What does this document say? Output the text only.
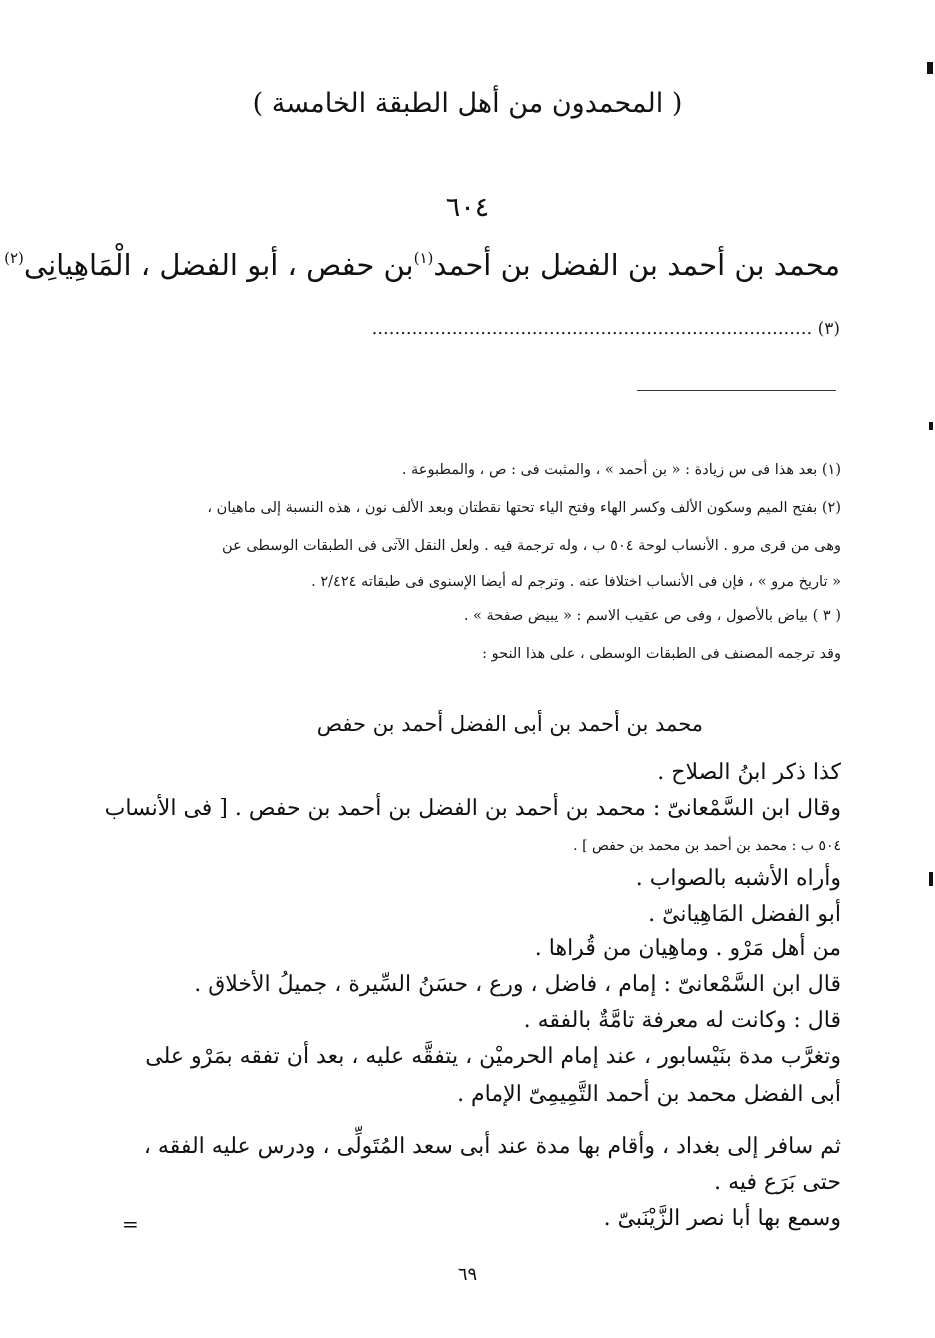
( المحمدون من أهل الطبقة الخامسة )
٦٠٤
محمد بن أحمد بن الفضل بن أحمد$^{(١)}$بن حفص ، أبو الفضل ، الْمَاهِيانِى$^{(٢)}$
(٣) .............................................................................
(١) بعد هذا فى س زيادة : « بن أحمد » ، والمثبت فى : ص ، والمطبوعة .
(٢) بفتح الميم وسكون الألف وكسر الهاء وفتح الياء تحتها نقطتان وبعد الألف نون ، هذه النسبة إلى ماهيان ،
وهى من قرى مرو . الأنساب لوحة ٥٠٤ ب ، وله ترجمة فيه . ولعل النقل الآتى فى الطبقات الوسطى عن
« تاريخ مرو » ، فإن فى الأنساب اختلافا عنه . وترجم له أيضا الإسنوى فى طبقاته ٢/٤٢٤ .
( ٣ ) بياض بالأصول ، وفى ص عقيب الاسم : « يبيض صفحة » .
وقد ترجمه المصنف فى الطبقات الوسطى ، على هذا النحو :
محمد بن أحمد بن أبى الفضل أحمد بن حفص
كذا ذكر ابنُ الصلاح .
وقال ابن السَّمْعانىّ : محمد بن أحمد بن الفضل بن أحمد بن حفص . [ فى الأنساب
٥٠٤ ب : محمد بن أحمد بن محمد بن حفص ] .
وأراه الأشبه بالصواب .
أبو الفضل المَاهِيانىّ .
من أهل مَرْو . وماهِيان من قُراها .
قال ابن السَّمْعانىّ : إمام ، فاضل ، ورع ، حسَنُ السِّيرة ، جميلُ الأخلاق .
قال : وكانت له معرفة تامَّةٌ بالفقه .
وتغرَّب مدة بنَيْسابور ، عند إمام الحرميْن ، يتفقَّه عليه ، بعد أن تفقه بمَرْو على
أبى الفضل محمد بن أحمد التَّمِيمِىّ الإمام .
ثم سافر إلى بغداد ، وأقام بها مدة عند أبى سعد المُتَولِّى ، ودرس عليه الفقه ،
حتى بَرَع فيه .
وسمع بها أبا نصر الزَّيْنَبىّ .
=
٦٩
